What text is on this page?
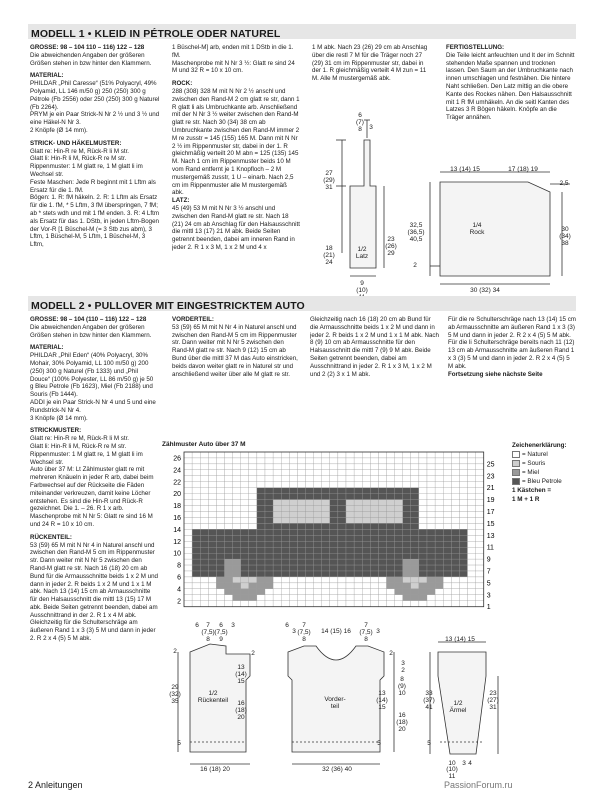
MODELL 1 • KLEID IN PÉTROLE ODER NATUREL

GRÖSSE: 98 – 104 110 – 116) 122 – 128

Die abweichenden Angaben der größeren Größen stehen in bzw hinter den Klammern.

MATERIAL:

PHILDAR „Phil Caresse“ (51% Polyacryl, 49% Polyamid, LL 146 m/50 g) 250 (250) 300 g Pétrole (Fb 2556) oder 250 (250) 300 g Naturel (Fb 2264).

PRYM je ein Paar Strick-N Nr 2 ½ und 3 ½ und eine Häkel-N Nr 3.

2 Knöpfe (Ø 14 mm).

STRICK- UND HÄKELMUSTER:

Glatt re: Hin-R re M, Rück-R li M str.

Glatt li: Hin-R li M, Rück-R re M str.

Rippenmuster: 1 M glatt re, 1 M glatt li im Wechsel str.

Feste Maschen: Jede R beginnt mit 1 Lftm als Ersatz für die 1. fM.

Bögen: 1. R: fM häkeln. 2. R: 1 Lftm als Ersatz für die 1. fM, * 5 Lftm, 3 fM überspringen, 7 fM; ab * stets wdh und mit 1 fM enden. 3. R: 4 Lftm als Ersatz für das 1. DStb, in jeden Lftm-Bogen der Vor-R [1 Büschel-M (= 3 Stb zus abm), 3 Lftm, 1 Büschel-M, 5 Lftm, 1 Büschel-M, 3 Lftm,

1 Büschel-M] arb, enden mit 1 DStb in die 1. fM.

Maschenprobe mit N Nr 3 ½: Glatt re sind 24 M und 32 R = 10 x 10 cm.

ROCK:

288 (308) 328 M mit N Nr 2 ½ anschl und zwischen den Rand-M 2 cm glatt re str, dann 1 R glatt li als Umbruchkante arb. Anschließend mit der N Nr 3 ½ weiter zwischen den Rand-M glatt re str. Nach 30 (34) 38 cm ab Umbruchkante zwischen den Rand-M immer 2 M re zusstr = 145 (155) 165 M. Dann mit N Nr 2 ½ im Rippenmuster str, dabei in der 1. R gleichmäßig verteilt 20 M abn = 125 (135) 145 M. Nach 1 cm im Rippenmuster beids 10 M vom Rand entfernt je 1 Knopfloch – 2 M mustergemäß zusstr, 1 U – einarb. Nach 2,5 cm im Rippenmuster alle M mustergemäß abk.

LATZ:

45 (49) 53 M mit N Nr 3 ½ anschl und zwischen den Rand-M glatt re str. Nach 18 (21) 24 cm ab Anschlag für den Halsausschnitt die mittl 13 (17) 21 M abk. Beide Seiten getrennt beenden, dabei am inneren Rand in jeder 2. R 1 x 3 M, 1 x 2 M und 4 x

1 M abk. Nach 23 (26) 29 cm ab Anschlag über die restl 7 M für die Träger noch 27 (29) 31 cm im Rippenmuster str, dabei in der 1. R gleichmäßig verteilt 4 M zun = 11 M. Alle M mustergemäß abk.

FERTIGSTELLUNG:

Die Teile leicht anfeuchten und lt der im Schnitt stehenden Maße spannen und trocknen lassen. Den Saum an der Umbruchkante nach innen umschlagen und festnähen. Die hintere Naht schließen. Den Latz mittig an die obere Kante des Rockes nähen. Den Halsausschnitt mit 1 R fM umhäkeln. An die seitl Kanten des Latzes 3 R Bögen häkeln. Knöpfe an die Träger annähen.

6
(7)
8	3
27
(29)
31
18
(21)
24
23
(26)
29
1/2
Latz
9
(10)

13 (14) 15	17 (18) 19
2,5
32,5
(36,5)
40,5
30
(34)
38
1/4
Rock
2
30 (32) 34
MODELL 2 • PULLOVER MIT EINGESTRICKTEM AUTO

GRÖSSE: 98 – 104 (110 – 116) 122 – 128

Die abweichenden Angaben der größeren Größen stehen in bzw hinter den Klammern.

MATERIAL:

PHILDAR „Phil Eden“ (40% Polyacryl, 30% Mohair, 30% Polyamid, LL 100 m/50 g) 200 (250) 300 g Naturel (Fb 1333) und „Phil Douce“ (100% Polyester, LL 86 m/50 g) je 50 g Bleu Petrole (Fb 1623), Miel (Fb 2188) und Souris (Fb 1444).

ADDI je ein Paar Strick-N Nr 4 und 5 und eine Rundstrick-N Nr 4.

3 Knöpfe (Ø 14 mm).

STRICKMUSTER:

Glatt re: Hin-R re M, Rück-R li M str.

Glatt li: Hin-R li M, Rück-R re M str.

Rippenmuster: 1 M glatt re, 1 M glatt li im Wechsel str.

Auto über 37 M: Lt Zählmuster glatt re mit mehreren Knäueln in jeder R arb, dabei beim Farbwechsel auf der Rückseite die Fäden miteinander verkreuzen, damit keine Löcher entstehen. Es sind die Hin-R und Rück-R gezeichnet. Die 1. – 26. R 1 x arb.

Maschenprobe mit N Nr 5: Glatt re sind 16 M und 24 R = 10 x 10 cm.

RÜCKENTEIL:

53 (59) 65 M mit N Nr 4 in Naturel anschl und zwischen den Rand-M 5 cm im Rippenmuster str. Dann weiter mit N Nr 5 zwischen den Rand-M glatt re str. Nach 16 (18) 20 cm ab Bund für die Armausschnitte beids 1 x 2 M und dann in jeder 2. R beids 1 x 2 M und 1 x 1 M abk. Nach 13 (14) 15 cm ab Armausschnitte für den Halsausschnitt die mittl 13 (15) 17 M abk. Beide Seiten getrennt beenden, dabei am Ausschnittrand in der 2. R 1 x 4 M abk.

Gleichzeitig für die Schulterschräge am äußeren Rand 1 x 3 (3) 5 M und dann in jeder 2. R 2 x 4 (5) 5 M abk.

VORDERTEIL:

53 (59) 65 M mit N Nr 4 in Naturel anschl und zwischen den Rand-M 5 cm im Rippenmuster str. Dann weiter mit N Nr 5 zwischen den Rand-M glatt re str. Nach 9 (12) 15 cm ab Bund über die mittl 37 M das Auto einstricken, beids davon weiter glatt re in Naturel str und anschließend weiter über alle M glatt re str.

Gleichzeitig nach 16 (18) 20 cm ab Bund für die Armausschnitte beids 1 x 2 M und dann in jeder 2. R beids 1 x 2 M und 1 x 1 M abk. Nach 8 (9) 10 cm ab Armausschnitte für den Halsausschnitt die mittl 7 (9) 9 M abk. Beide Seiten getrennt beenden, dabei am Ausschnittrand in jeder 2. R 1 x 3 M, 1 x 2 M und 2 (2) 3 x 1 M abk.

Für die re Schulterschräge nach 13 (14) 15 cm ab Armausschnitte am äußeren Rand 1 x 3 (3) 5 M und dann in jeder 2. R 2 x 4 (5) 5 M abk. Für die li Schulterschräge bereits nach 11 (12) 13 cm ab Armausschnitte am äußeren Rand 1 x 3 (3) 5 M und dann in jeder 2. R 2 x 4 (5) 5 M abk.

Fortsetzung siehe nächste Seite

Zählmuster Auto über 37 M
26
24
22
20
18
16
14
12
10
8
6
4
2
25
23
21
19
17
15
13
11
9
7
5
3
1
Zeichenerklärung:
= Naturel
= Souris
= Miel
= Bleu Petrole
1 Kästchen =
1 M + 1 R
6	7
(7,5)
8
6
(7,5)
9
3
2
2
29
(32)
35
13
(14)
15
16
(18)
20
1/2
Rückenteil
5
16 (18) 20
6
3
7
(7,5)
8
14 (15) 16
7
(7,5)
8
3
2
3
2
8
(9)
10
13
(14)
15
16
(18)
20
Vorder-
teil
5
32 (36) 40
13 (14) 15
33
(37)
41
23
(27)
31
1/2
Ärmel
5
10
(10)
11
3 4
2 Anleitungen	PassionForum.ru
